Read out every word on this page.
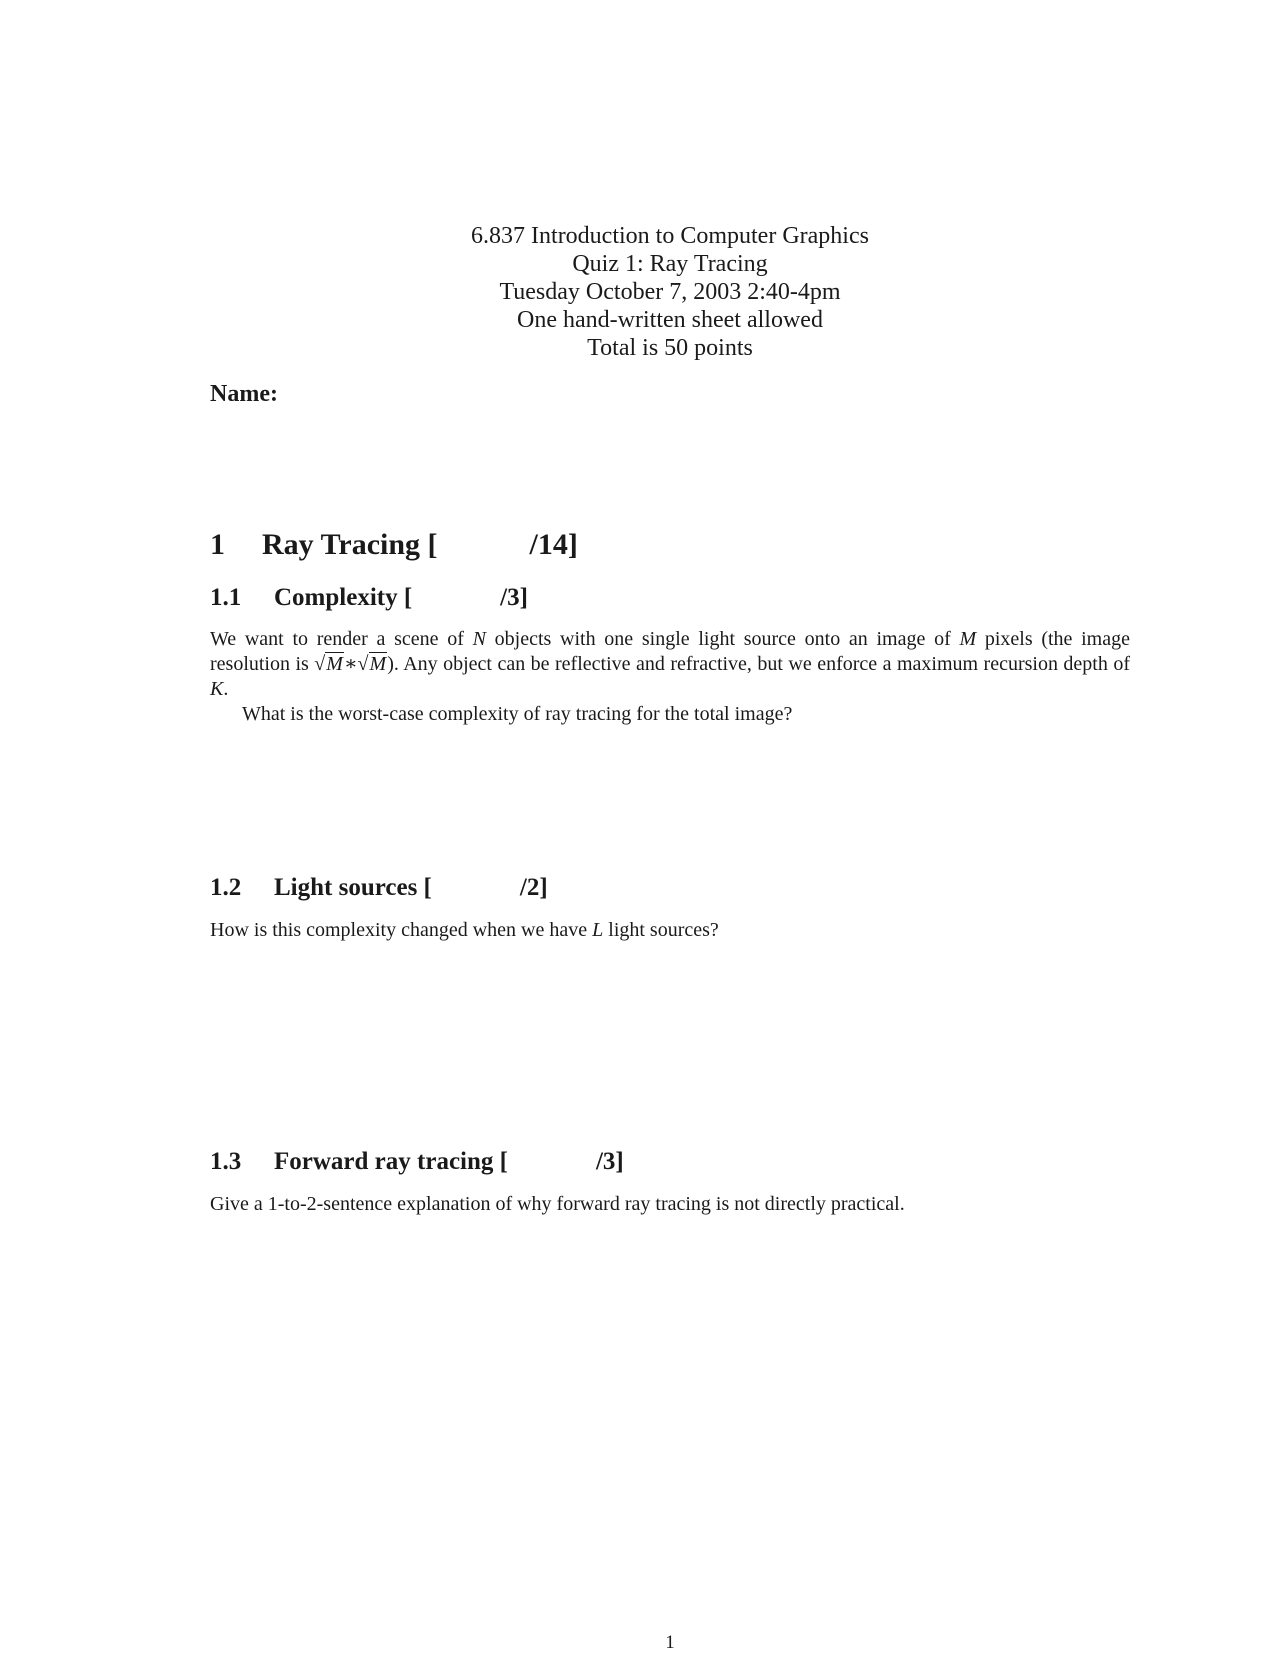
6.837 Introduction to Computer Graphics
Quiz 1: Ray Tracing
Tuesday October 7, 2003 2:40-4pm
One hand-written sheet allowed
Total is 50 points
Name:
1 Ray Tracing [	/14]
1.1 Complexity [	/3]
We want to render a scene of N objects with one single light source onto an image of M pixels (the image resolution is √M∗√M). Any object can be reflective and refractive, but we enforce a maximum recursion depth of K.
What is the worst-case complexity of ray tracing for the total image?
1.2 Light sources [	/2]
How is this complexity changed when we have L light sources?
1.3 Forward ray tracing [	/3]
Give a 1-to-2-sentence explanation of why forward ray tracing is not directly practical.
1
